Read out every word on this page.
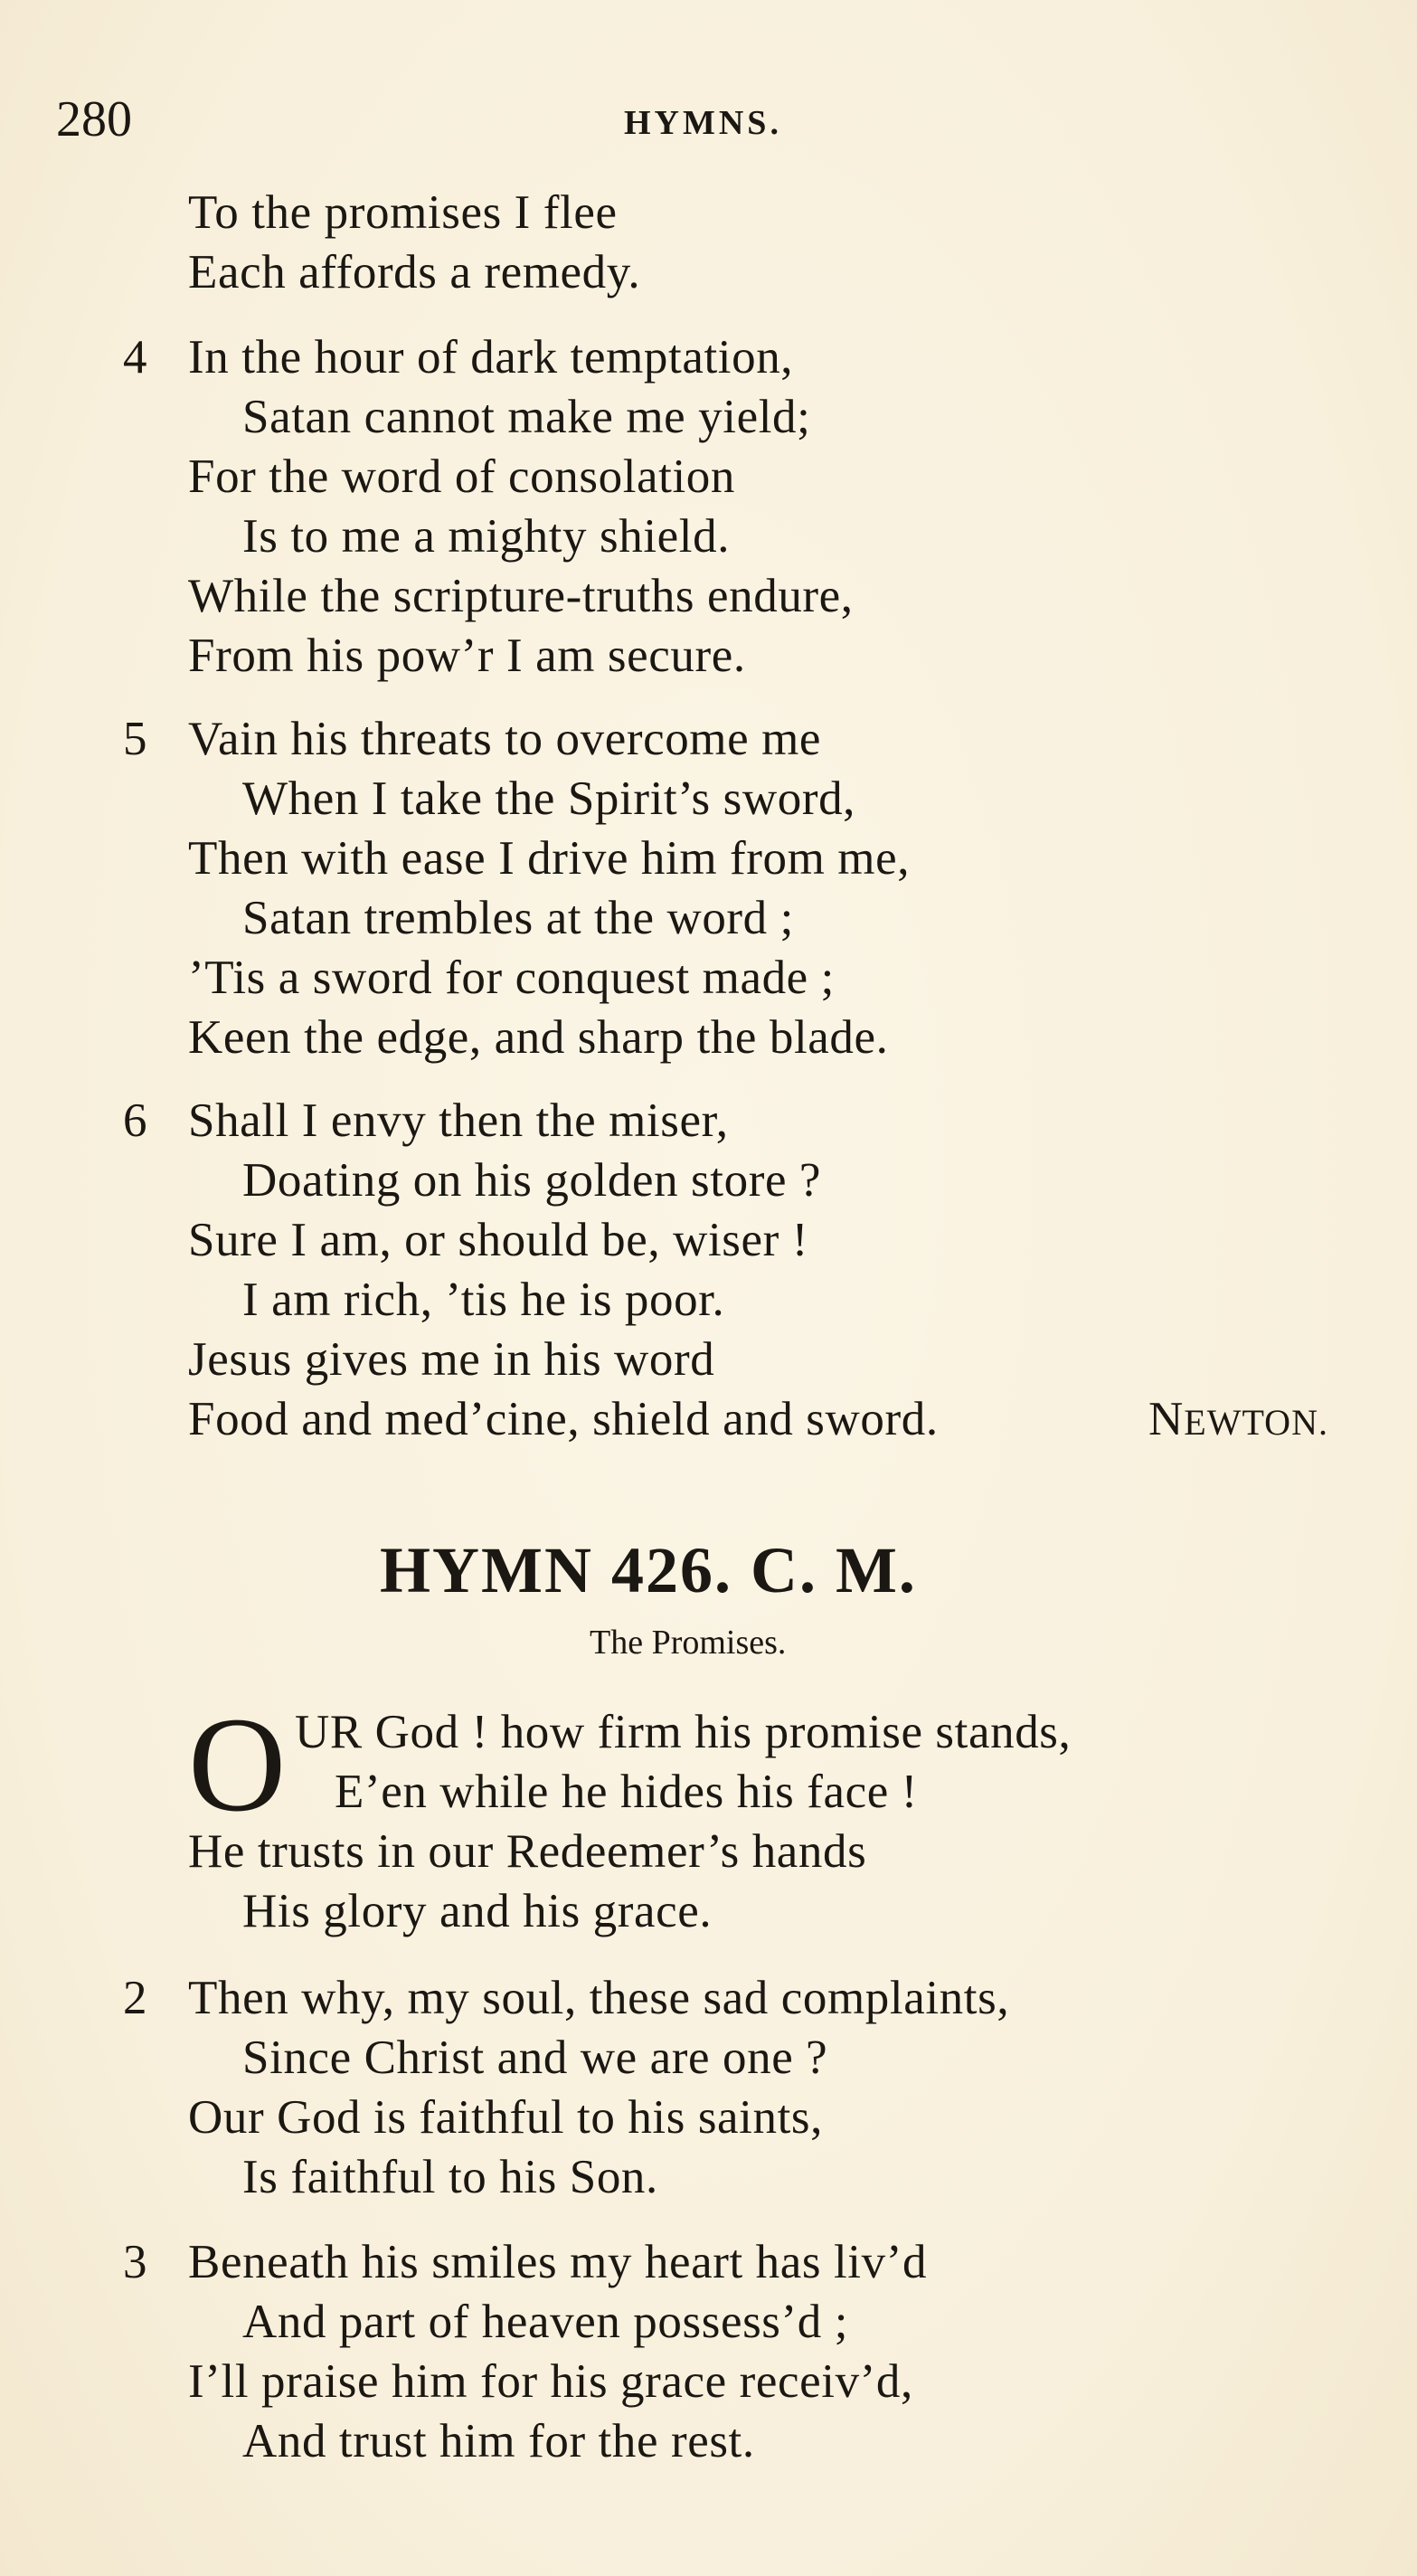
280	HYMNS.
To the promises I flee
Each affords a remedy.
4 In the hour of dark temptation,
Satan cannot make me yield;
For the word of consolation
Is to me a mighty shield.
While the scripture-truths endure,
From his pow’r I am secure.
5 Vain his threats to overcome me
When I take the Spirit’s sword,
Then with ease I drive him from me,
Satan trembles at the word ;
’Tis a sword for conquest made ;
Keen the edge, and sharp the blade.
6 Shall I envy then the miser,
Doating on his golden store ?
Sure I am, or should be, wiser !
I am rich, ’tis he is poor.
Jesus gives me in his word
Food and med’cine, shield and sword.	NEWTON.
HYMN 426. C. M.
The Promises.
O UR God ! how firm his promise stands,
E’en while he hides his face !
He trusts in our Redeemer’s hands
His glory and his grace.
2 Then why, my soul, these sad complaints,
Since Christ and we are one ?
Our God is faithful to his saints,
Is faithful to his Son.
3 Beneath his smiles my heart has liv’d
And part of heaven possess’d ;
I’ll praise him for his grace receiv’d,
And trust him for the rest.
